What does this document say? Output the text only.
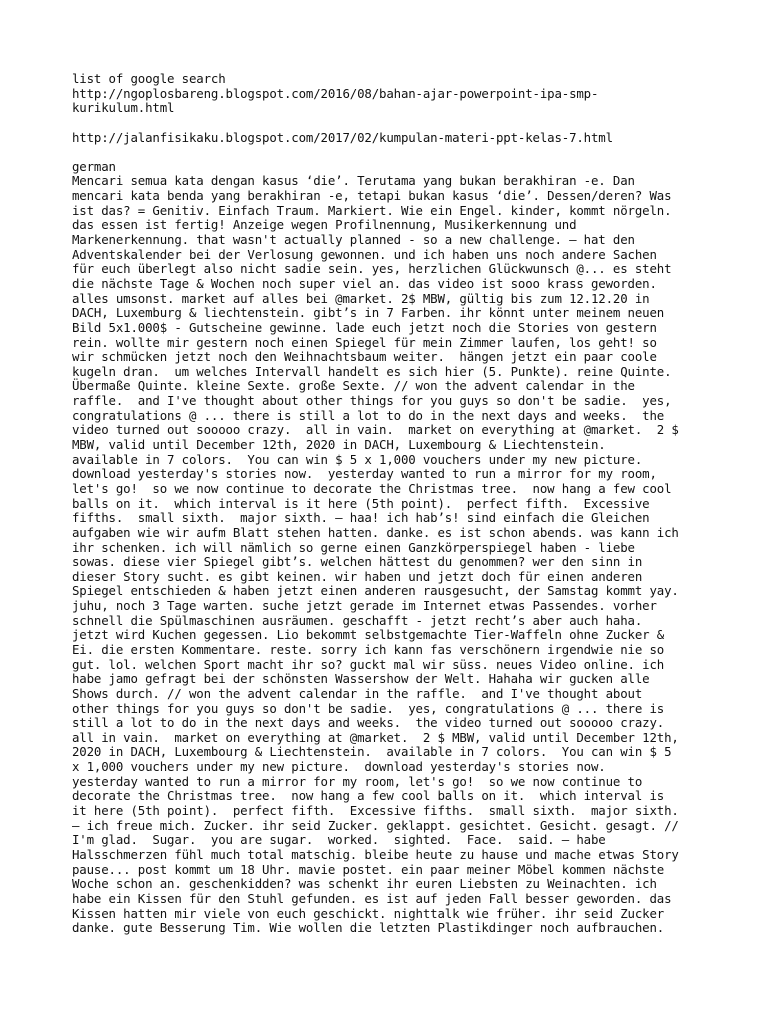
list of google search
http://ngoplosbareng.blogspot.com/2016/08/bahan-ajar-powerpoint-ipa-smp-
kurikulum.html
http://jalanfisikaku.blogspot.com/2017/02/kumpulan-materi-ppt-kelas-7.html
german
Mencari semua kata dengan kasus ‘die’. Terutama yang bukan berakhiran -e. Dan
mencari kata benda yang berakhiran -e, tetapi bukan kasus ‘die’. Dessen/deren? Was
ist das? = Genitiv. Einfach Traum. Markiert. Wie ein Engel. kinder, kommt nörgeln.
das essen ist fertig! Anzeige wegen Profilnennung, Musikerkennung und
Markenerkennung. that wasn't actually planned - so a new challenge. — hat den
Adventskalender bei der Verlosung gewonnen. und ich haben uns noch andere Sachen
für euch überlegt also nicht sadie sein. yes, herzlichen Glückwunsch @... es steht
die nächste Tage & Wochen noch super viel an. das video ist sooo krass geworden.
alles umsonst. market auf alles bei @market. 2$ MBW, gültig bis zum 12.12.20 in
DACH, Luxemburg & liechtenstein. gibt’s in 7 Farben. ihr könnt unter meinem neuen
Bild 5x1.000$ - Gutscheine gewinne. lade euch jetzt noch die Stories von gestern
rein. wollte mir gestern noch einen Spiegel für mein Zimmer laufen, los geht! so
wir schmücken jetzt noch den Weihnachtsbaum weiter.  hängen jetzt ein paar coole
kugeln dran.  um welches Intervall handelt es sich hier (5. Punkte). reine Quinte.
Übermaße Quinte. kleine Sexte. große Sexte. // won the advent calendar in the
raffle.  and I've thought about other things for you guys so don't be sadie.  yes,
congratulations @ ... there is still a lot to do in the next days and weeks.  the
video turned out sooooo crazy.  all in vain.  market on everything at @market.  2 $
MBW, valid until December 12th, 2020 in DACH, Luxembourg & Liechtenstein.
available in 7 colors.  You can win $ 5 x 1,000 vouchers under my new picture.
download yesterday's stories now.  yesterday wanted to run a mirror for my room,
let's go!  so we now continue to decorate the Christmas tree.  now hang a few cool
balls on it.  which interval is it here (5th point).  perfect fifth.  Excessive
fifths.  small sixth.  major sixth. — haa! ich hab’s! sind einfach die Gleichen
aufgaben wie wir aufm Blatt stehen hatten. danke. es ist schon abends. was kann ich
ihr schenken. ich will nämlich so gerne einen Ganzkörperspiegel haben - liebe
sowas. diese vier Spiegel gibt’s. welchen hättest du genommen? wer den sinn in
dieser Story sucht. es gibt keinen. wir haben und jetzt doch für einen anderen
Spiegel entschieden & haben jetzt einen anderen rausgesucht, der Samstag kommt yay.
juhu, noch 3 Tage warten. suche jetzt gerade im Internet etwas Passendes. vorher
schnell die Spülmaschinen ausräumen. geschafft - jetzt recht’s aber auch haha.
jetzt wird Kuchen gegessen. Lio bekommt selbstgemachte Tier-Waffeln ohne Zucker &
Ei. die ersten Kommentare. reste. sorry ich kann fas verschönern irgendwie nie so
gut. lol. welchen Sport macht ihr so? guckt mal wir süss. neues Video online. ich
habe jamo gefragt bei der schönsten Wassershow der Welt. Hahaha wir gucken alle
Shows durch. // won the advent calendar in the raffle.  and I've thought about
other things for you guys so don't be sadie.  yes, congratulations @ ... there is
still a lot to do in the next days and weeks.  the video turned out sooooo crazy.
all in vain.  market on everything at @market.  2 $ MBW, valid until December 12th,
2020 in DACH, Luxembourg & Liechtenstein.  available in 7 colors.  You can win $ 5
x 1,000 vouchers under my new picture.  download yesterday's stories now.
yesterday wanted to run a mirror for my room, let's go!  so we now continue to
decorate the Christmas tree.  now hang a few cool balls on it.  which interval is
it here (5th point).  perfect fifth.  Excessive fifths.  small sixth.  major sixth.
— ich freue mich. Zucker. ihr seid Zucker. geklappt. gesichtet. Gesicht. gesagt. //
I'm glad.  Sugar.  you are sugar.  worked.  sighted.  Face.  said. — habe
Halsschmerzen fühl much total matschig. bleibe heute zu hause und mache etwas Story
pause... post kommt um 18 Uhr. mavie postet. ein paar meiner Möbel kommen nächste
Woche schon an. geschenkidden? was schenkt ihr euren Liebsten zu Weinachten. ich
habe ein Kissen für den Stuhl gefunden. es ist auf jeden Fall besser geworden. das
Kissen hatten mir viele von euch geschickt. nighttalk wie früher. ihr seid Zucker
danke. gute Besserung Tim. Wie wollen die letzten Plastikdinger noch aufbrauchen.
